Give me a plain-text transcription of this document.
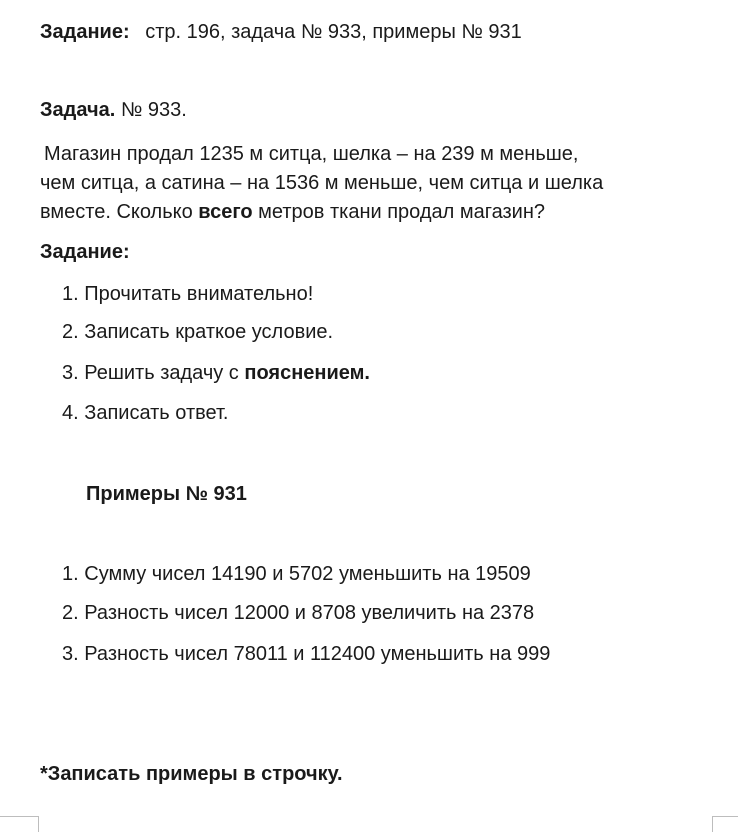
Задание: стр. 196, задача № 933, примеры № 931
Задача. № 933.
Магазин продал 1235 м ситца, шелка – на 239 м меньше,
чем ситца, а сатина – на 1536 м меньше, чем ситца и шелка
вместе. Сколько всего метров ткани продал магазин?
Задание:
1. Прочитать внимательно!
2. Записать краткое условие.
3. Решить задачу с пояснением.
4. Записать ответ.
Примеры № 931
1. Сумму чисел 14190 и 5702 уменьшить на 19509
2. Разность чисел 12000 и 8708 увеличить на 2378
3. Разность чисел 78011 и 112400 уменьшить на 999
*Записать примеры в строчку.
